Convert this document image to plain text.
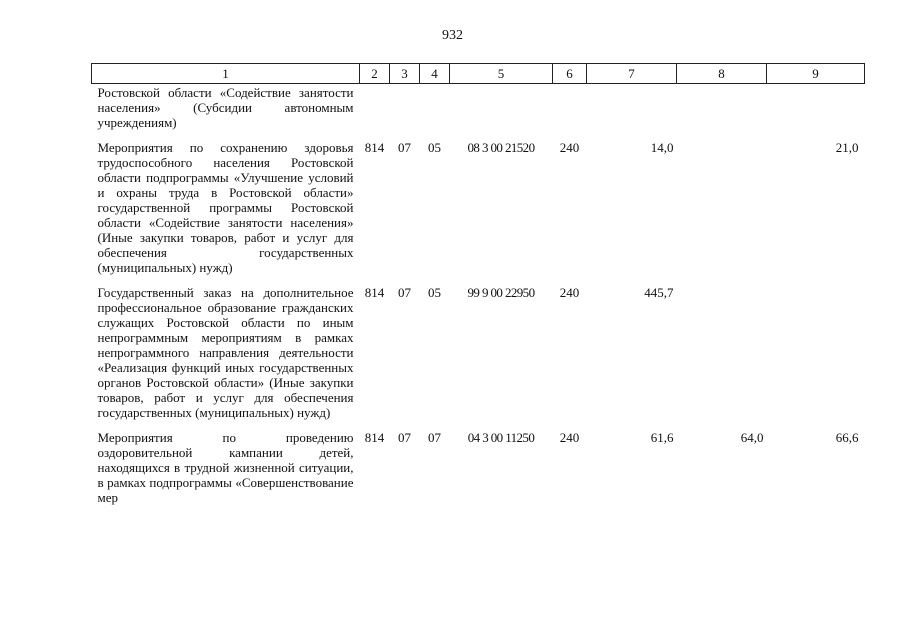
932
1	2	3	4	5	6	7	8	9
Ростовской области «Содействие занятости населения» (Субсидии автономным учреждениям)								
Мероприятия по сохранению здоровья трудоспособного населения Ростовской области подпрограммы «Улучшение условий и охраны труда в Ростовской области» государственной программы Ростовской области «Содействие занятости населения» (Иные закупки товаров, работ и услуг для обеспечения государственных (муниципальных) нужд)	814	07	05	08 3 00 21520	240	14,0		21,0
Государственный заказ на дополнительное профессиональное образование гражданских служащих Ростовской области по иным непрограммным мероприятиям в рамках непрограммного направления деятельности «Реализация функций иных государственных органов Ростовской области» (Иные закупки товаров, работ и услуг для обеспечения государственных (муниципальных) нужд)	814	07	05	99 9 00 22950	240	445,7		
Мероприятия по проведению оздоровительной кампании детей, находящихся в трудной жизненной ситуации, в рамках подпрограммы «Совершенствование мер	814	07	07	04 3 00 11250	240	61,6	64,0	66,6
